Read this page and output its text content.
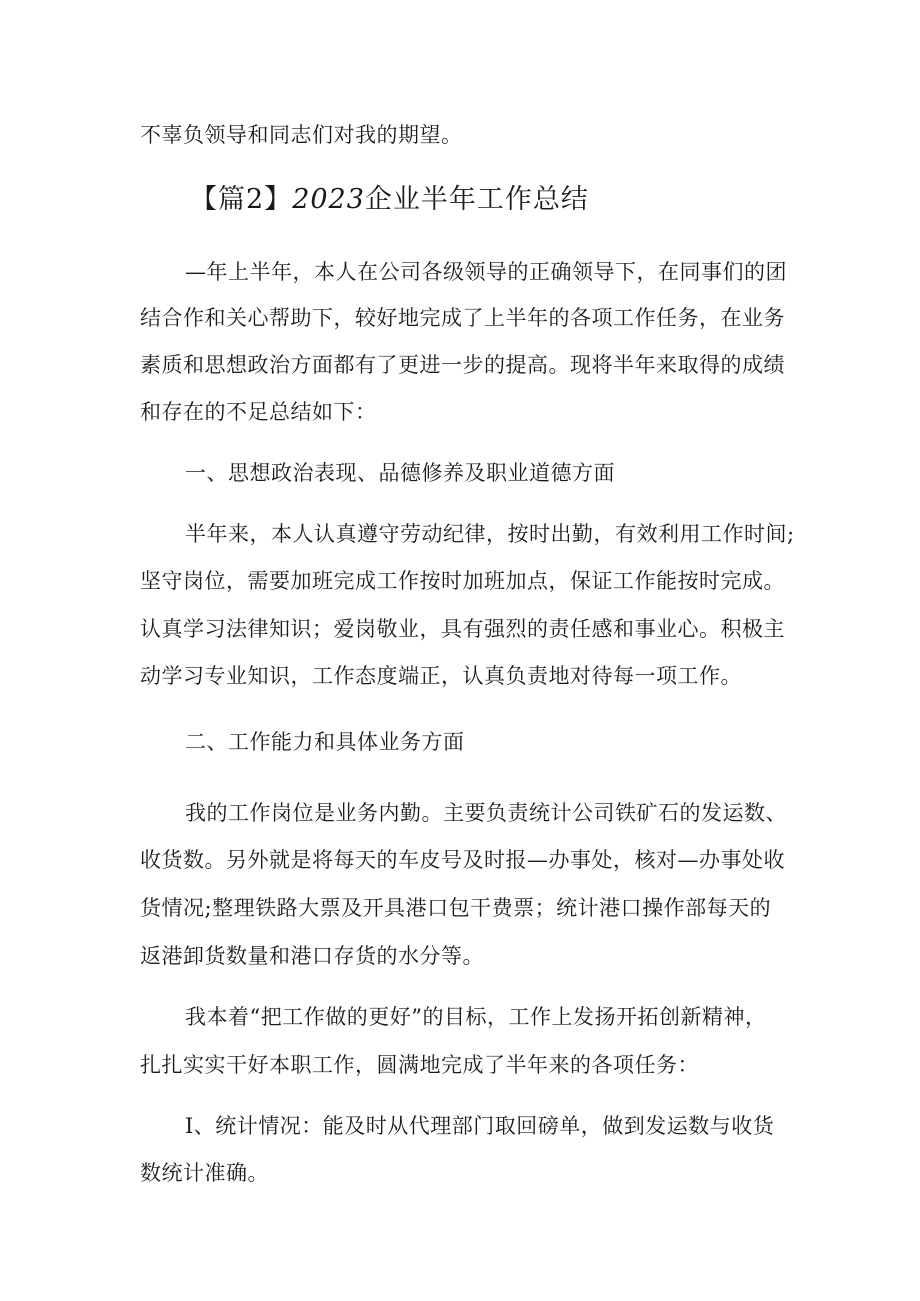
不辜负领导和同志们对我的期望。

【篇2】2023企业半年工作总结

—年上半年，本人在公司各级领导的正确领导下，在同事们的团

结合作和关心帮助下，较好地完成了上半年的各项工作任务，在业务

素质和思想政治方面都有了更进一步的提高。现将半年来取得的成绩

和存在的不足总结如下：

一、思想政治表现、品德修养及职业道德方面

半年来，本人认真遵守劳动纪律，按时出勤，有效利用工作时间;

坚守岗位，需要加班完成工作按时加班加点，保证工作能按时完成。

认真学习法律知识；爱岗敬业，具有强烈的责任感和事业心。积极主

动学习专业知识，工作态度端正，认真负责地对待每一项工作。

二、工作能力和具体业务方面

我的工作岗位是业务内勤。主要负责统计公司铁矿石的发运数、

收货数。另外就是将每天的车皮号及时报—办事处，核对—办事处收

货情况;整理铁路大票及开具港口包干费票；统计港口操作部每天的

返港卸货数量和港口存货的水分等。

我本着“把工作做的更好”的目标，工作上发扬开拓创新精神，

扎扎实实干好本职工作，圆满地完成了半年来的各项任务：

I、统计情况：能及时从代理部门取回磅单，做到发运数与收货

数统计准确。
